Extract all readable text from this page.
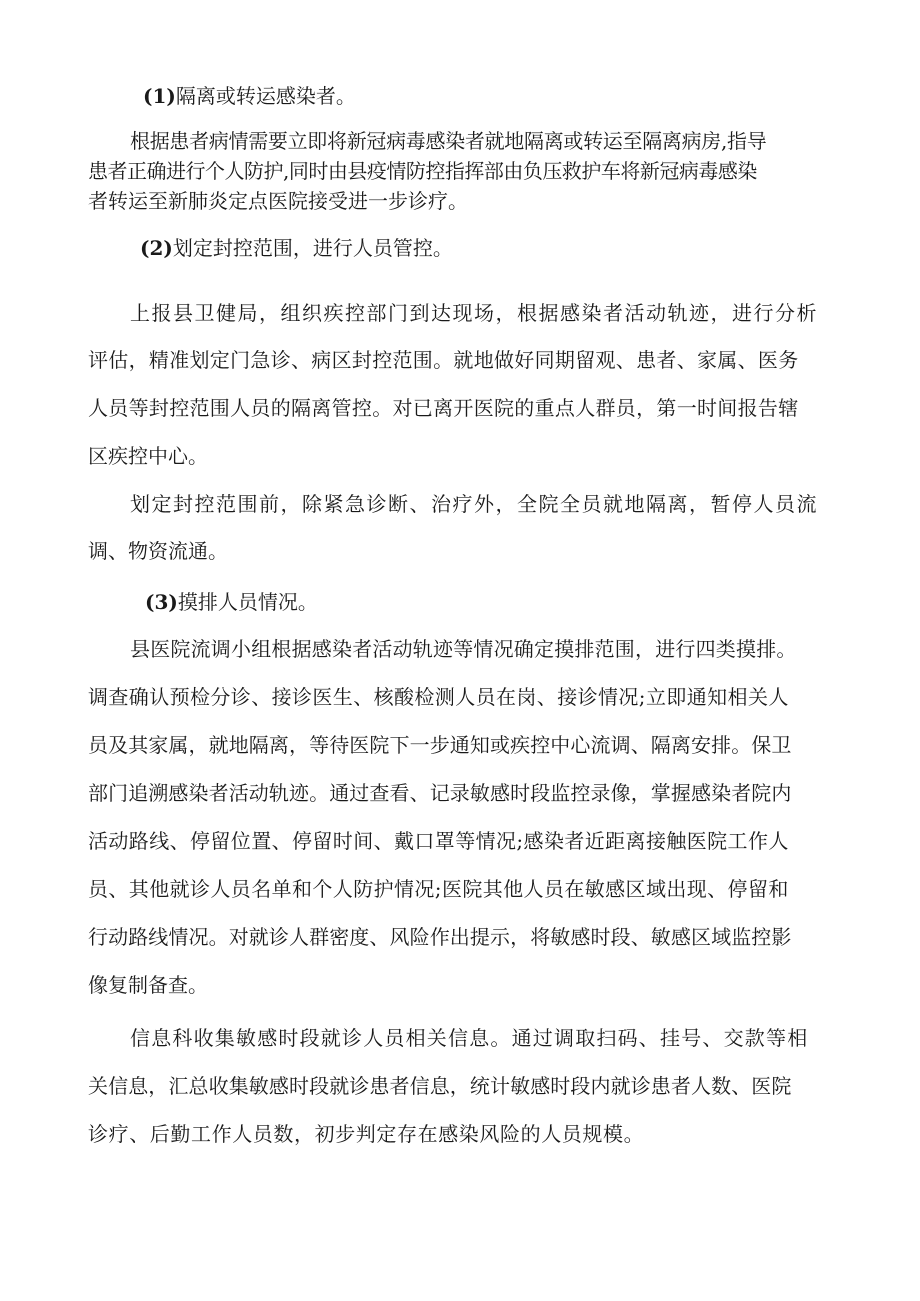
(1)隔离或转运感染者。

根据患者病情需要立即将新冠病毒感染者就地隔离或转运至隔离病房,指导

患者正确进行个人防护,同时由县疫情防控指挥部由负压救护车将新冠病毒感染

者转运至新肺炎定点医院接受进一步诊疗。

(2)划定封控范围，进行人员管控。

上报县卫健局，组织疾控部门到达现场，根据感染者活动轨迹，进行分析

评估，精准划定门急诊、病区封控范围。就地做好同期留观、患者、家属、医务

人员等封控范围人员的隔离管控。对已离开医院的重点人群员，第一时间报告辖

区疾控中心。

划定封控范围前，除紧急诊断、治疗外，全院全员就地隔离，暂停人员流

调、物资流通。

(3)摸排人员情况。

县医院流调小组根据感染者活动轨迹等情况确定摸排范围，进行四类摸排。

调查确认预检分诊、接诊医生、核酸检测人员在岗、接诊情况;立即通知相关人

员及其家属，就地隔离，等待医院下一步通知或疾控中心流调、隔离安排。保卫

部门追溯感染者活动轨迹。通过查看、记录敏感时段监控录像，掌握感染者院内

活动路线、停留位置、停留时间、戴口罩等情况;感染者近距离接触医院工作人

员、其他就诊人员名单和个人防护情况;医院其他人员在敏感区域出现、停留和

行动路线情况。对就诊人群密度、风险作出提示，将敏感时段、敏感区域监控影

像复制备查。

信息科收集敏感时段就诊人员相关信息。通过调取扫码、挂号、交款等相

关信息，汇总收集敏感时段就诊患者信息，统计敏感时段内就诊患者人数、医院

诊疗、后勤工作人员数，初步判定存在感染风险的人员规模。
